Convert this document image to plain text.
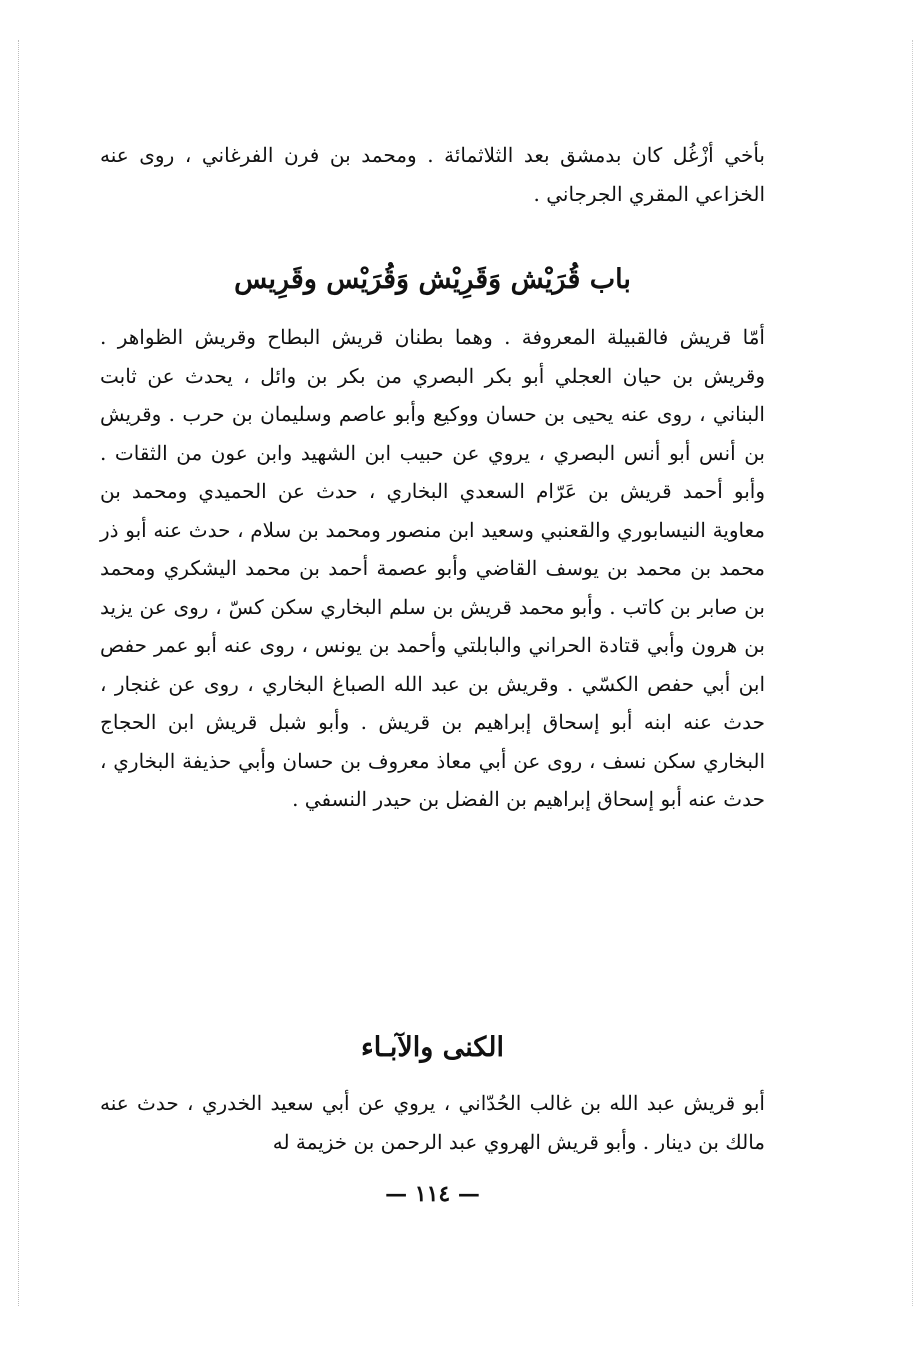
بأخي أزْغُل كان بدمشق بعد الثلاثمائة . ومحمد بن فرن الفرغاني ، روى عنه الخزاعي المقري الجرجاني .

باب قُرَيْش وَقَرِيْش وَقُرَيْس وقَرِيس

أمّا قريش فالقبيلة المعروفة . وهما بطنان قريش البطاح وقريش الظواهر . وقريش بن حيان العجلي أبو بكر البصري من بكر بن وائل ، يحدث عن ثابت البناني ، روى عنه يحيى بن حسان ووكيع وأبو عاصم وسليمان بن حرب . وقريش بن أنس أبو أنس البصري ، يروي عن حبيب ابن الشهيد وابن عون من الثقات . وأبو أحمد قريش بن عَرّام السعدي البخاري ، حدث عن الحميدي ومحمد بن معاوية النيسابوري والقعنبي وسعيد ابن منصور ومحمد بن سلام ، حدث عنه أبو ذر محمد بن محمد بن يوسف القاضي وأبو عصمة أحمد بن محمد اليشكري ومحمد بن صابر بن كاتب . وأبو محمد قريش بن سلم البخاري سكن كسّ ، روى عن يزيد بن هرون وأبي قتادة الحراني والبابلتي وأحمد بن يونس ، روى عنه أبو عمر حفص ابن أبي حفص الكسّي . وقريش بن عبد الله الصباغ البخاري ، روى عن غنجار ، حدث عنه ابنه أبو إسحاق إبراهيم بن قريش . وأبو شبل قريش ابن الحجاج البخاري سكن نسف ، روى عن أبي معاذ معروف بن حسان وأبي حذيفة البخاري ، حدث عنه أبو إسحاق إبراهيم بن الفضل بن حيدر النسفي .

الكنى والآبـاء

أبو قريش عبد الله بن غالب الحُدّاني ، يروي عن أبي سعيد الخدري ، حدث عنه مالك بن دينار . وأبو قريش الهروي عبد الرحمن بن خزيمة له

— ١١٤ —
